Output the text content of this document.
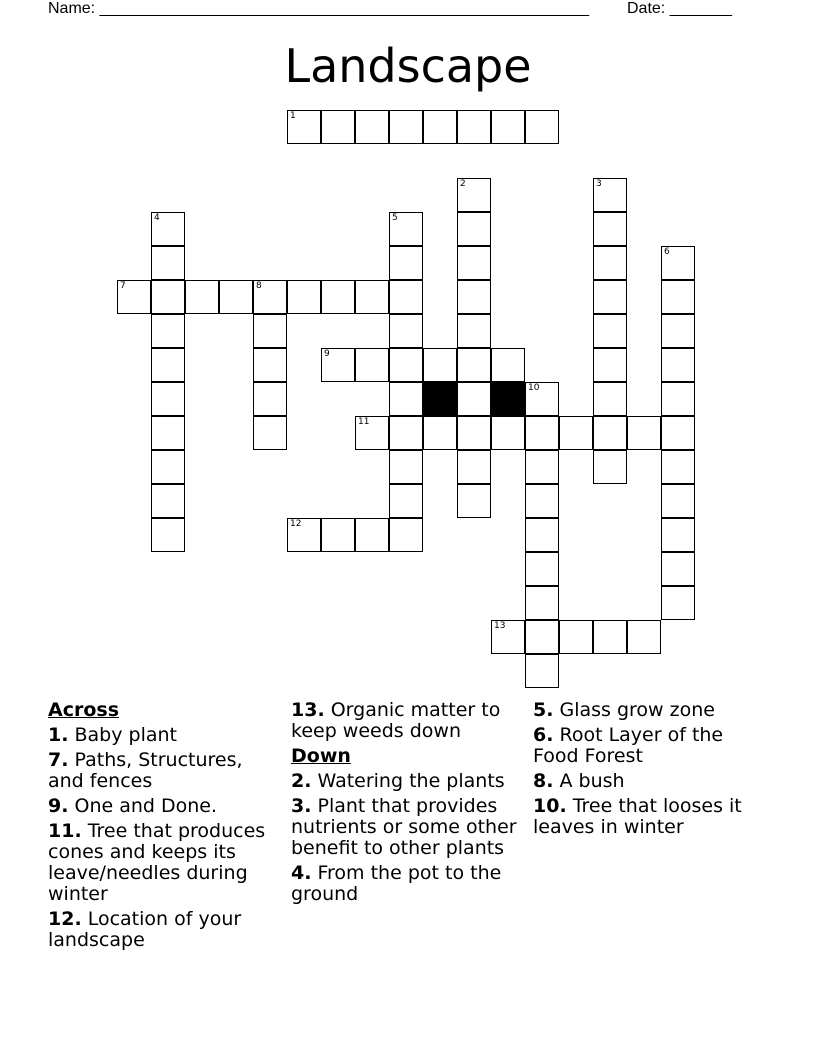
Name: _______________________________________________________ Date: _______
Landscape
1
2	3
4	5
6
7	8
9
10
11
12
13
Across
1. Baby plant
7. Paths, Structures, and fences
9. One and Done.
11. Tree that produces cones and keeps its leave/needles during winter
12. Location of your landscape
13. Organic matter to keep weeds down
Down
2. Watering the plants
3. Plant that provides nutrients or some other benefit to other plants
4. From the pot to the ground
5. Glass grow zone
6. Root Layer of the Food Forest
8. A bush
10. Tree that looses it leaves in winter
